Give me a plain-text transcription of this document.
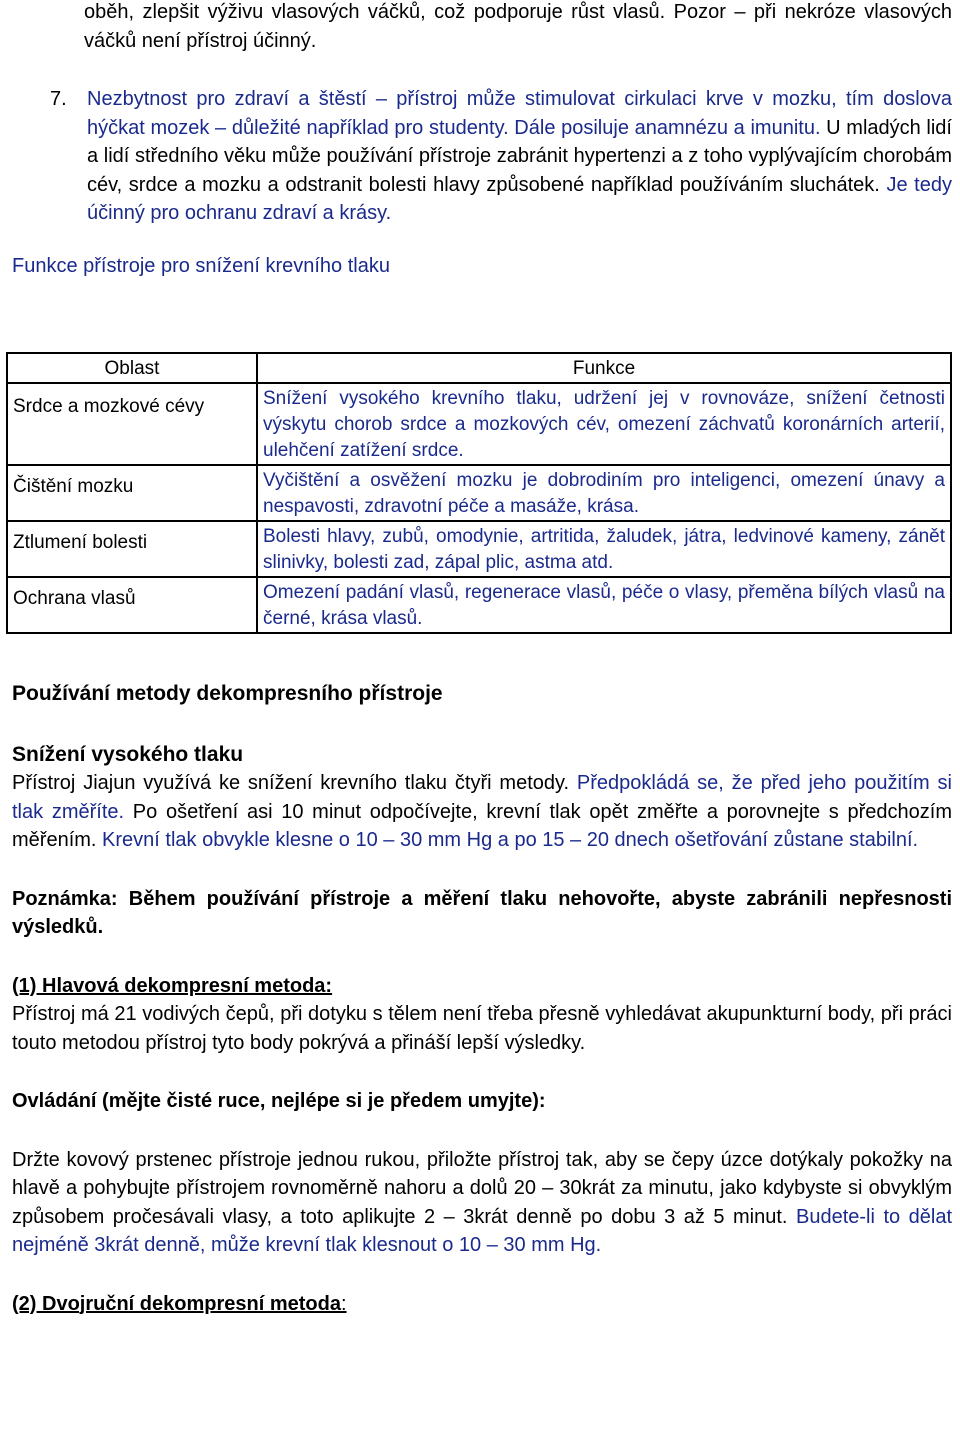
oběh, zlepšit výživu vlasových váčků, což podporuje růst vlasů. Pozor – při nekróze vlasových váčků není přístroj účinný.

7. Nezbytnost pro zdraví a štěstí – přístroj může stimulovat cirkulaci krve v mozku, tím doslova hýčkat mozek – důležité například pro studenty. Dále posiluje anamnézu a imunitu. U mladých lidí a lidí středního věku může používání přístroje zabránit hypertenzi a z toho vyplývajícím chorobám cév, srdce a mozku a odstranit bolesti hlavy způsobené například používáním sluchátek. Je tedy účinný pro ochranu zdraví a krásy.

Funkce přístroje pro snížení krevního tlaku

Oblast	Funkce
Srdce a mozkové cévy	Snížení vysokého krevního tlaku, udržení jej v rovnováze, snížení četnosti výskytu chorob srdce a mozkových cév, omezení záchvatů koronárních arterií, ulehčení zatížení srdce.
Čištění mozku	Vyčištění a osvěžení mozku je dobrodiním pro inteligenci, omezení únavy a nespavosti, zdravotní péče a masáže, krása.
Ztlumení bolesti	Bolesti hlavy, zubů, omodynie, artritida, žaludek, játra, ledvinové kameny, zánět slinivky, bolesti zad, zápal plic, astma atd.
Ochrana vlasů	Omezení padání vlasů, regenerace vlasů, péče o vlasy, přeměna bílých vlasů na černé, krása vlasů.
Používání metody dekompresního přístroje
Snížení vysokého tlaku

Přístroj Jiajun využívá ke snížení krevního tlaku čtyři metody. Předpokládá se, že před jeho použitím si tlak změříte. Po ošetření asi 10 minut odpočívejte, krevní tlak opět změřte a porovnejte s předchozím měřením. Krevní tlak obvykle klesne o 10 – 30 mm Hg a po 15 – 20 dnech ošetřování zůstane stabilní.

Poznámka: Během používání přístroje a měření tlaku nehovořte, abyste zabránili nepřesnosti výsledků.

(1) Hlavová dekompresní metoda:

Přístroj má 21 vodivých čepů, při dotyku s tělem není třeba přesně vyhledávat akupunkturní body, při práci touto metodou přístroj tyto body pokrývá a přináší lepší výsledky.

Ovládání (mějte čisté ruce, nejlépe si je předem umyjte):

Držte kovový prstenec přístroje jednou rukou, přiložte přístroj tak, aby se čepy úzce dotýkaly pokožky na hlavě a pohybujte přístrojem rovnoměrně nahoru a dolů 20 – 30krát za minutu, jako kdybyste si obvyklým způsobem pročesávali vlasy, a toto aplikujte 2 – 3krát denně po dobu 3 až 5 minut. Budete-li to dělat nejméně 3krát denně, může krevní tlak klesnout o 10 – 30 mm Hg.

(2) Dvojruční dekompresní metoda:
